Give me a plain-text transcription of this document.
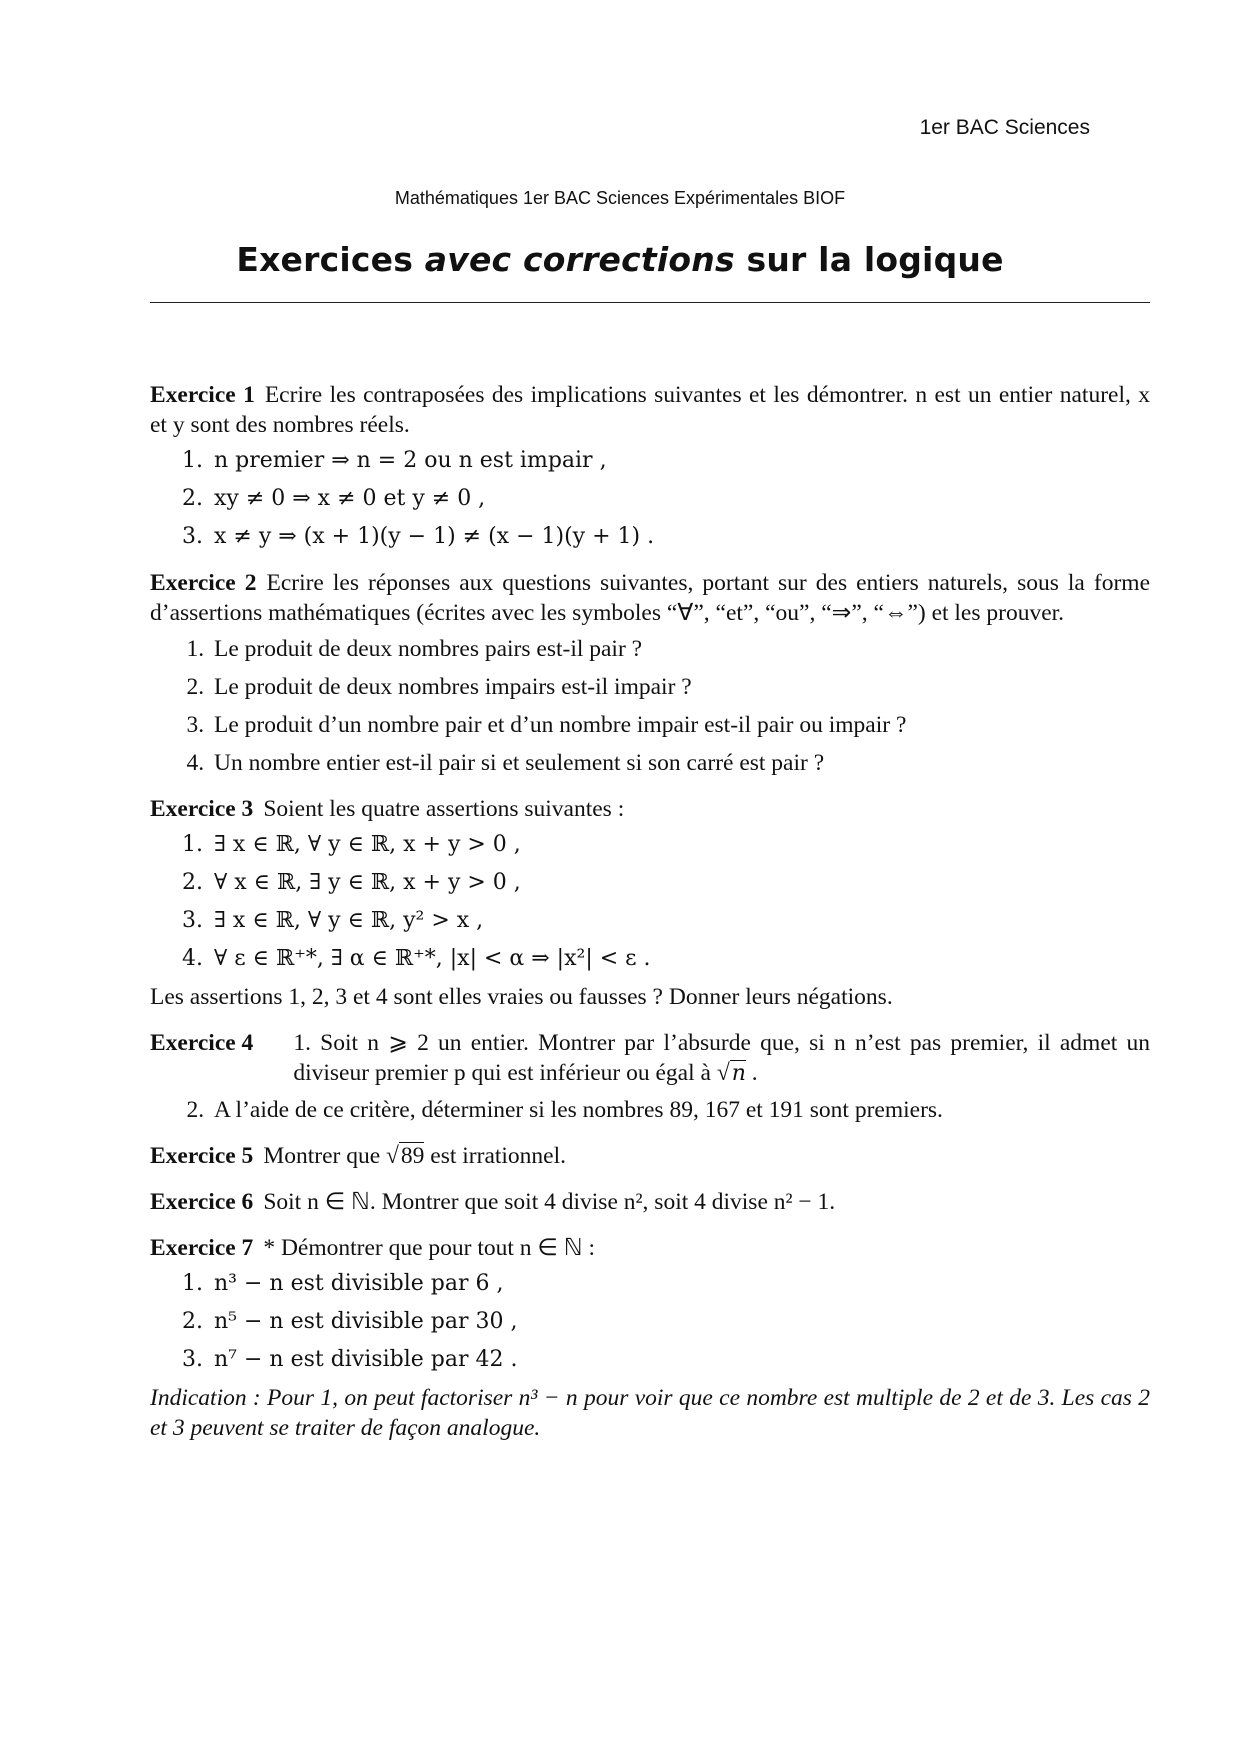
1er BAC Sciences
Mathématiques 1er BAC Sciences Expérimentales BIOF
Exercices avec corrections sur la logique

Exercice 1 Ecrire les contraposées des implications suivantes et les démontrer. n est un entier naturel, x et y sont des nombres réels.

1. n premier ⇒ n = 2 ou n est impair ,
2. xy ≠ 0 ⇒ x ≠ 0 et y ≠ 0 ,
3. x ≠ y ⇒ (x + 1)(y − 1) ≠ (x − 1)(y + 1) .

Exercice 2 Ecrire les réponses aux questions suivantes, portant sur des entiers naturels, sous la forme d’assertions mathématiques (écrites avec les symboles “∀”, “et”, “ou”, “⇒”, “⇔”) et les prouver.

1. Le produit de deux nombres pairs est-il pair ?
2. Le produit de deux nombres impairs est-il impair ?
3. Le produit d’un nombre pair et d’un nombre impair est-il pair ou impair ?
4. Un nombre entier est-il pair si et seulement si son carré est pair ?

Exercice 3 Soient les quatre assertions suivantes :

1. ∃ x ∈ ℝ, ∀ y ∈ ℝ, x + y > 0 ,
2. ∀ x ∈ ℝ, ∃ y ∈ ℝ, x + y > 0 ,
3. ∃ x ∈ ℝ, ∀ y ∈ ℝ, y² > x ,
4. ∀ ε ∈ ℝ⁺*, ∃ α ∈ ℝ⁺*, |x| < α ⇒ |x²| < ε .

Les assertions 1, 2, 3 et 4 sont elles vraies ou fausses ? Donner leurs négations.

Exercice 4 1. Soit n ⩾ 2 un entier. Montrer par l’absurde que, si n n’est pas premier, il admet un diviseur premier p qui est inférieur ou égal à √n .

2. A l’aide de ce critère, déterminer si les nombres 89, 167 et 191 sont premiers.

Exercice 5 Montrer que √89 est irrationnel.

Exercice 6 Soit n ∈ ℕ. Montrer que soit 4 divise n², soit 4 divise n² − 1.

Exercice 7 * Démontrer que pour tout n ∈ ℕ :

1. n³ − n est divisible par 6 ,
2. n⁵ − n est divisible par 30 ,
3. n⁷ − n est divisible par 42 .

Indication : Pour 1, on peut factoriser n³ − n pour voir que ce nombre est multiple de 2 et de 3. Les cas 2 et 3 peuvent se traiter de façon analogue.
